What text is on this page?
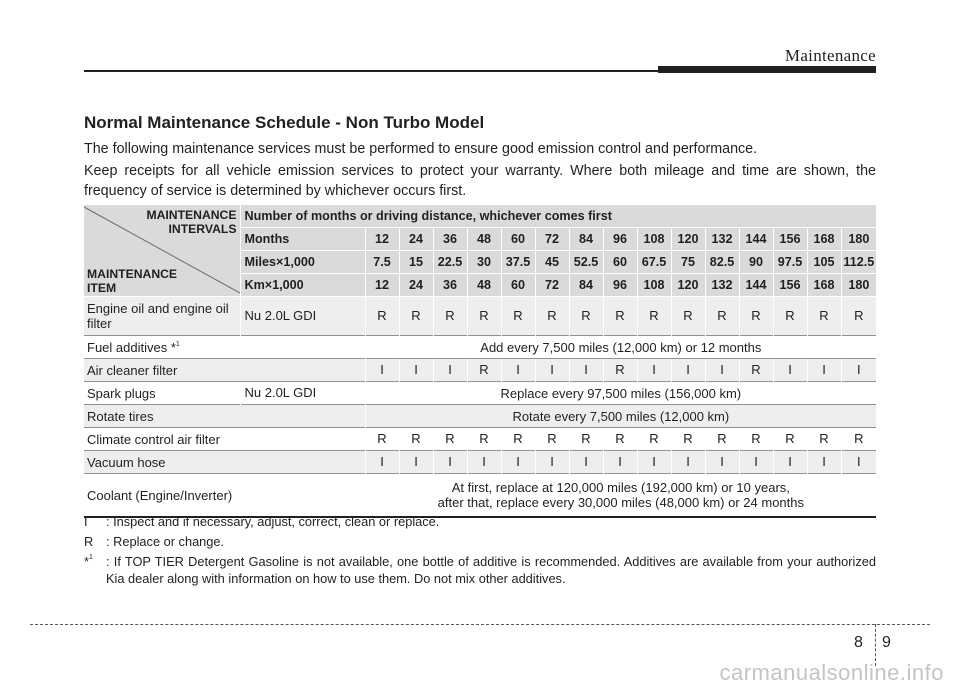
Maintenance
Normal Maintenance Schedule - Non Turbo Model
The following maintenance services must be performed to ensure good emission control and performance.
Keep receipts for all vehicle emission services to protect your warranty. Where both mileage and time are shown, the frequency of service is determined by whichever occurs first.
MAINTENANCE
INTERVALS
MAINTENANCE
ITEM	Number of months or driving distance, whichever comes first															
	Months	12	24	36	48	60	72	84	96	108	120	132	144	156	168	180
	Miles×1,000	7.5	15	22.5	30	37.5	45	52.5	60	67.5	75	82.5	90	97.5	105	112.5
	Km×1,000	12	24	36	48	60	72	84	96	108	120	132	144	156	168	180
Engine oil and engine oil filter	Nu 2.0L GDI	R	R	R	R	R	R	R	R	R	R	R	R	R	R	R
Fuel additives *$^1$		Add every 7,500 miles (12,000 km) or 12 months														
Air cleaner filter		I	I	I	R	I	I	I	R	I	I	I	R	I	I	I
Spark plugs	Nu 2.0L GDI	Replace every 97,500 miles (156,000 km)														
Rotate tires		Rotate every 7,500 miles (12,000 km)														
Climate control air filter		R	R	R	R	R	R	R	R	R	R	R	R	R	R	R
Vacuum hose		I	I	I	I	I	I	I	I	I	I	I	I	I	I	I
Coolant (Engine/Inverter)		At first, replace at 120,000 miles (192,000 km) or 10 years,
after that, replace every 30,000 miles (48,000 km) or 24 months														
I	: Inspect and if necessary, adjust, correct, clean or replace.
R : Replace or change.
*$^1$	: If TOP TIER Detergent Gasoline is not available, one bottle of additive is recommended. Additives are available from your authorized Kia dealer along with information on how to use them. Do not mix other additives.
8 9
carmanualsonline.info
